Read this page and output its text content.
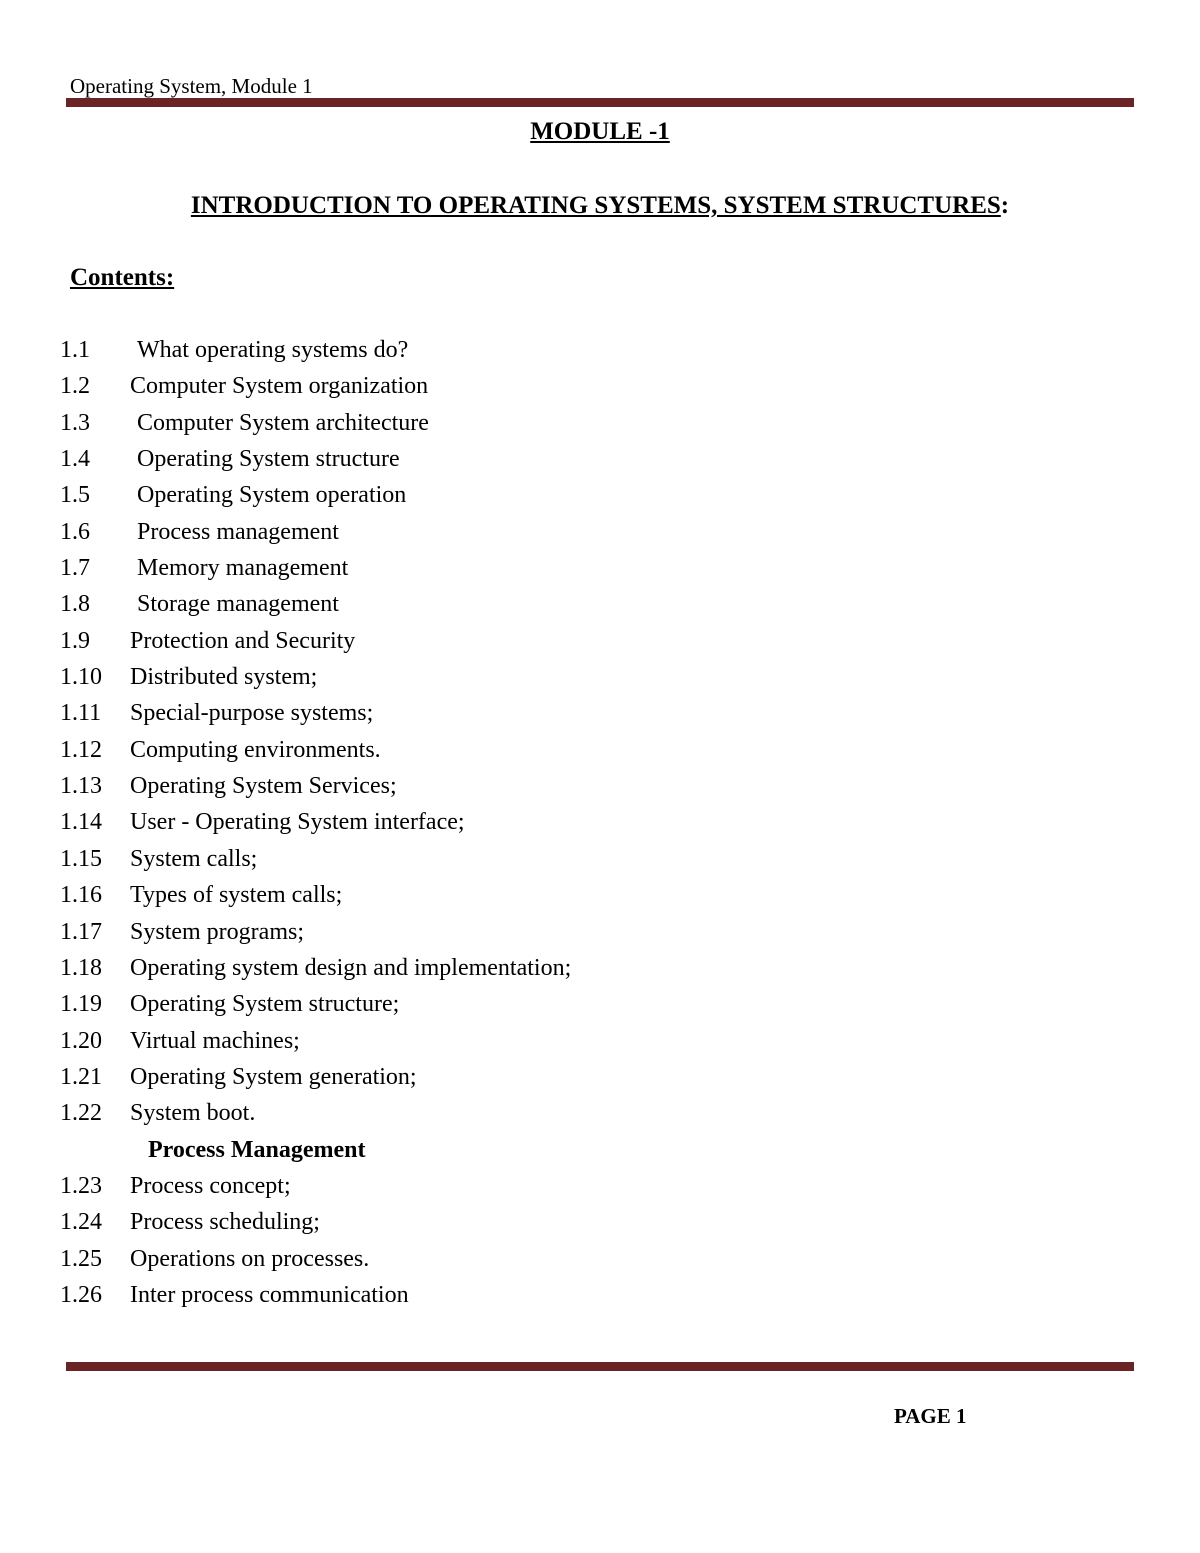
Operating System, Module 1
MODULE -1
INTRODUCTION TO OPERATING SYSTEMS, SYSTEM STRUCTURES:
Contents:
1.1 What operating systems do?
1.2 Computer System organization
1.3 Computer System architecture
1.4 Operating System structure
1.5 Operating System operation
1.6 Process management
1.7 Memory management
1.8 Storage management
1.9 Protection and Security
1.10 Distributed system;
1.11 Special-purpose systems;
1.12 Computing environments.
1.13 Operating System Services;
1.14 User - Operating System interface;
1.15 System calls;
1.16 Types of system calls;
1.17 System programs;
1.18 Operating system design and implementation;
1.19 Operating System structure;
1.20 Virtual machines;
1.21 Operating System generation;
1.22 System boot.
Process Management
1.23 Process concept;
1.24 Process scheduling;
1.25 Operations on processes.
1.26 Inter process communication
PAGE 1
